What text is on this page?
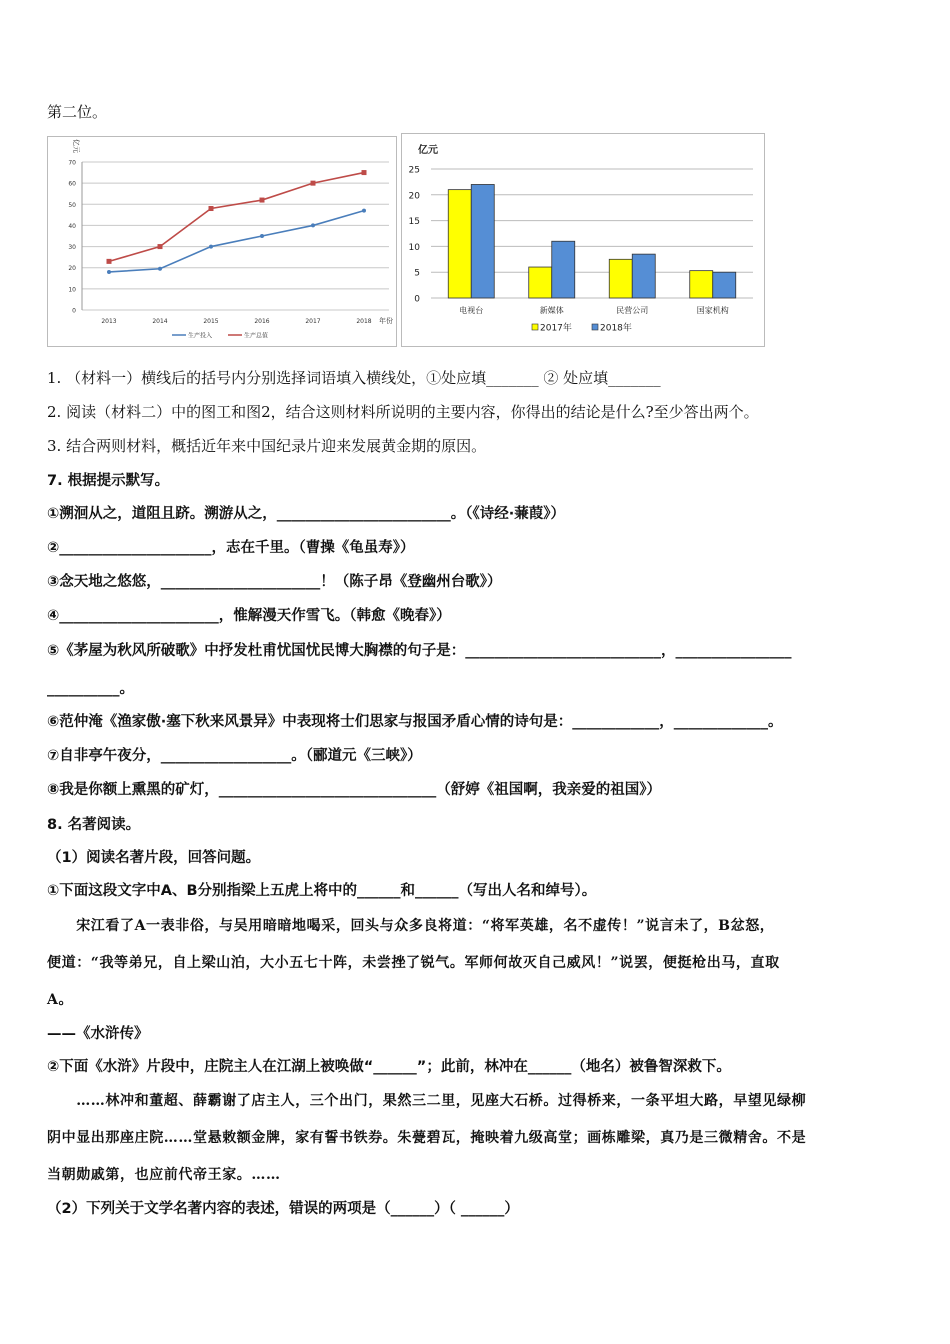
第二位。
0
10
20
30
40
50
60
70
亿元
2013	2014	2015	2016	2017	2018 年份
生产投入	生产总值
0
5
10
15
20
25
亿元
电视台	新媒体	民营公司	国家机构
2017年	2018年
1. （材料一）横线后的括号内分别选择词语填入横线处，①处应填_______ ② 处应填_______
2. 阅读（材料二）中的图工和图2，结合这则材料所说明的主要内容，你得出的结论是什么?至少答出两个。
3. 结合两则材料，概括近年来中国纪录片迎来发展黄金期的原因。
7. 根据提示默写。
①溯洄从之，道阻且跻。溯游从之，________________________。（《诗经·蒹葭》）
②_____________________，志在千里。（曹操《龟虽寿》）
③念天地之悠悠，______________________！（陈子昂《登幽州台歌》）
④______________________，惟解漫天作雪飞。（韩愈《晚春》）
⑤《茅屋为秋风所破歌》中抒发杜甫忧国忧民博大胸襟的句子是：___________________________，________________
__________。
⑥范仲淹《渔家傲·塞下秋来风景异》中表现将士们思家与报国矛盾心情的诗句是：____________，_____________。
⑦自非亭午夜分，__________________。（郦道元《三峡》）
⑧我是你额上熏黑的矿灯，______________________________（舒婷《祖国啊，我亲爱的祖国》）
8. 名著阅读。
（1）阅读名著片段，回答问题。
①下面这段文字中A、B分别指梁上五虎上将中的______和______（写出人名和绰号）。
　　宋江看了A一表非俗，与吴用暗暗地喝采，回头与众多良将道：“将军英雄，名不虚传！”说言未了，B忿怒，
便道：“我等弟兄，自上梁山泊，大小五七十阵，未尝挫了锐气。军师何故灭自己威风！”说罢，便挺枪出马，直取
A。
——《水浒传》
②下面《水浒》片段中，庄院主人在江湖上被唤做“______”；此前，林冲在______（地名）被鲁智深救下。
　　……林冲和董超、薛霸谢了店主人，三个出门，果然三二里，见座大石桥。过得桥来，一条平坦大路，早望见绿柳
阴中显出那座庄院……堂悬敕额金牌，家有誓书铁券。朱甍碧瓦，掩映着九级高堂；画栋雕梁，真乃是三微精舍。不是
当朝勋戚第，也应前代帝王家。……
（2）下列关于文学名著内容的表述，错误的两项是（______）（ ______）
